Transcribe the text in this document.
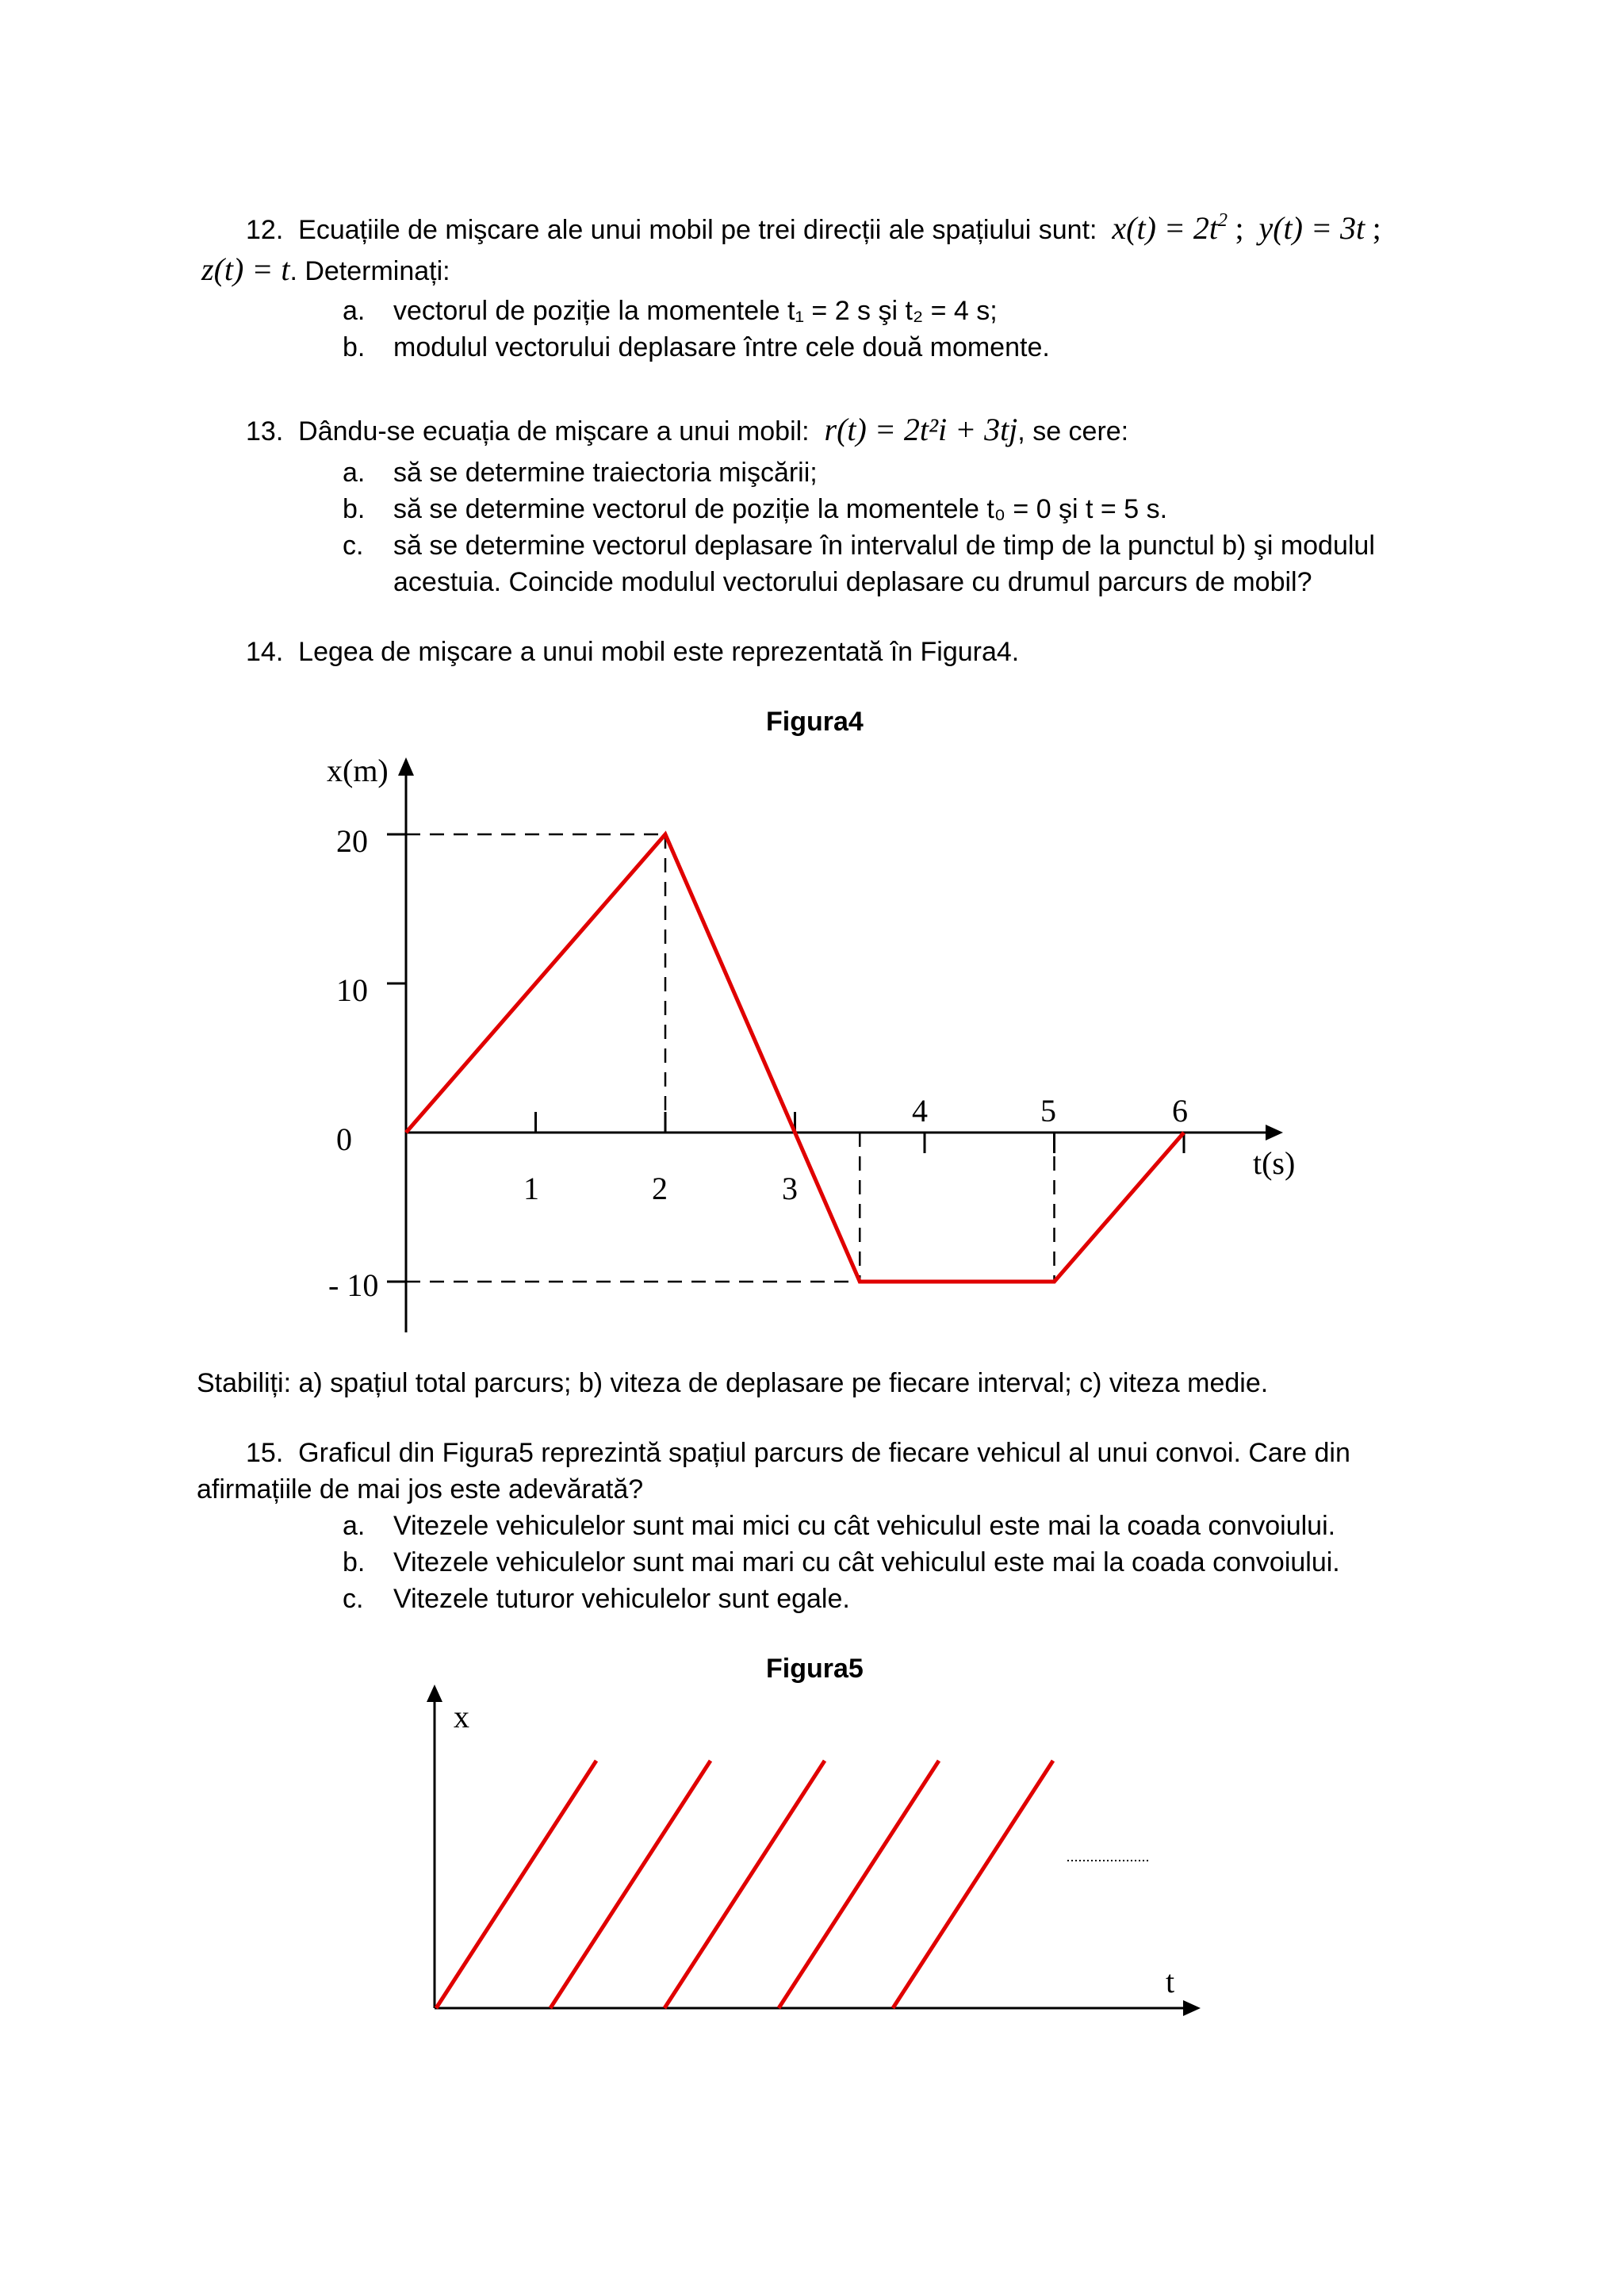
12. Ecuațiile de mişcare ale unui mobil pe trei direcții ale spațiului sunt: $x(t) = 2t^2$ ; y(t) = 3t ;
z(t) = t. Determinați:
a. vectorul de poziție la momentele t₁ = 2 s şi t₂ = 4 s;
b. modulul vectorului deplasare între cele două momente.
13. Dându-se ecuația de mişcare a unui mobil: r(t) = 2t²i + 3tj, se cere:
a. să se determine traiectoria mişcării;
b. să se determine vectorul de poziție la momentele t₀ = 0 şi t = 5 s.
c. să se determine vectorul deplasare în intervalul de timp de la punctul b) şi modulul
acestuia. Coincide modulul vectorului deplasare cu drumul parcurs de mobil?
14. Legea de mişcare a unui mobil este reprezentată în Figura4.
Figura4
x(m)
t(s)
20
10
0
- 10
1	2	3
4	5	6
Stabiliți: a) spațiul total parcurs; b) viteza de deplasare pe fiecare interval; c) viteza medie.
15. Graficul din Figura5 reprezintă spațiul parcurs de fiecare vehicul al unui convoi. Care din
afirmațiile de mai jos este adevărată?
a. Vitezele vehiculelor sunt mai mici cu cât vehiculul este mai la coada convoiului.
b. Vitezele vehiculelor sunt mai mari cu cât vehiculul este mai la coada convoiului.
c. Vitezele tuturor vehiculelor sunt egale.
Figura5
x
t
